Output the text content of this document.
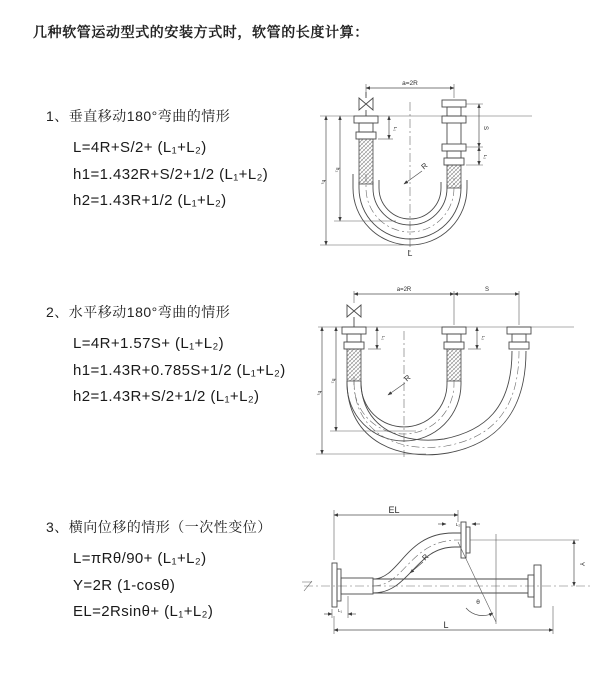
几种软管运动型式的安装方式时，软管的长度计算：
1、垂直移动180°弯曲的情形
L=4R+S/2+ (L₁+L₂)
h1=1.432R+S/2+1/2 (L₁+L₂)
h2=1.43R+1/2 (L₁+L₂)
2、水平移动180°弯曲的情形
L=4R+1.57S+ (L₁+L₂)
h1=1.43R+0.785S+1/2 (L₁+L₂)
h2=1.43R+S/2+1/2 (L₁+L₂)
3、横向位移的情形（一次性变位）
L=πRθ/90+ (L₁+L₂)
Y=2R (1-cosθ)
EL=2Rsinθ+ (L₁+L₂)
a=2R
L₁	S
L₂
R
h₁
h₂
L
a=2R	S
L₁	L₂
R
h₁
h₂
L₁
EL
L₂
Y
θ
R
L
